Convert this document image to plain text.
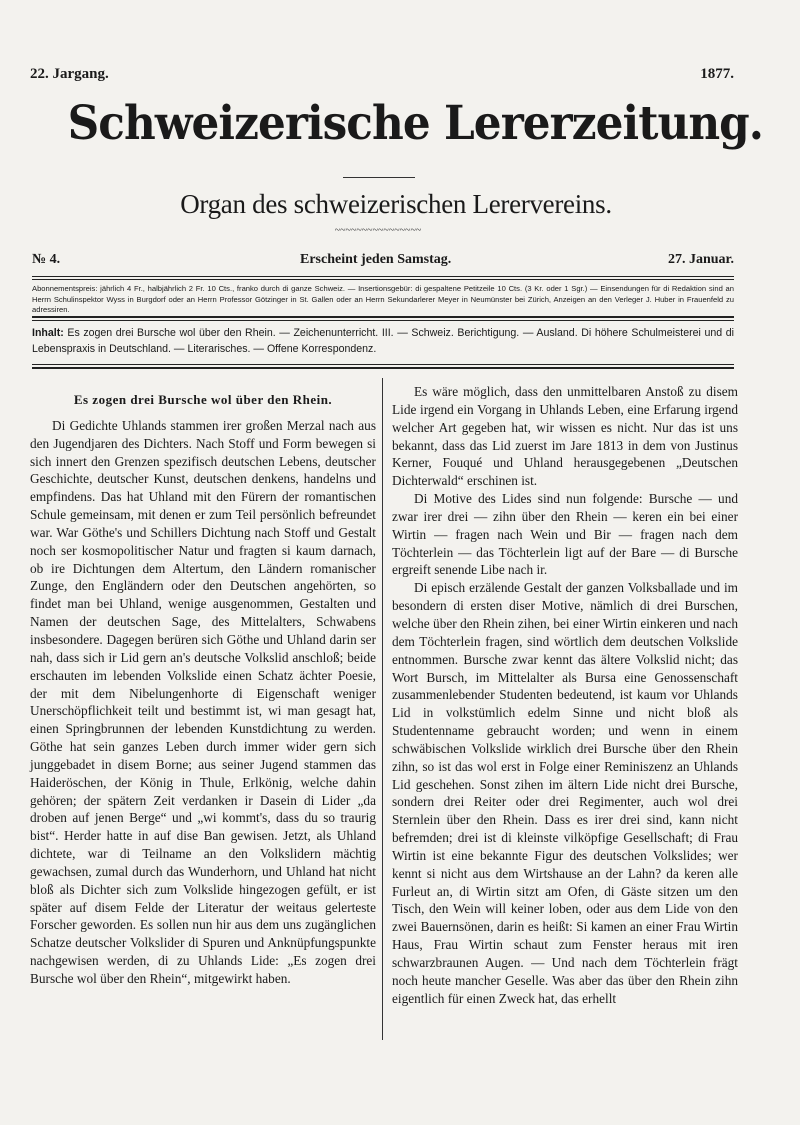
22. Jargang.	1877.
Schweizerische Lererzeitung.
Organ des schweizerischen Lerervereins.
~~~~~~~~~~~~~~~~
№ 4.	Erscheint jeden Samstag.	27. Januar.
Abonnementspreis: jährlich 4 Fr., halbjährlich 2 Fr. 10 Cts., franko durch di ganze Schweiz. — Insertionsgebür: di gespaltene Petitzeile 10 Cts. (3 Kr. oder 1 Sgr.) — Einsendungen für di Redaktion sind an Herrn Schulinspektor Wyss in Burgdorf oder an Herrn Professor Götzinger in St. Gallen oder an Herrn Sekundarlerer Meyer in Neumünster bei Zürich, Anzeigen an den Verleger J. Huber in Frauenfeld zu adressiren.
Inhalt: Es zogen drei Bursche wol über den Rhein. — Zeichenunterricht. III. — Schweiz. Berichtigung. — Ausland. Di höhere Schulmeisterei und di Lebenspraxis in Deutschland. — Literarisches. — Offene Korrespondenz.

Es zogen drei Bursche wol über den Rhein.

Di Gedichte Uhlands stammen irer großen Merzal nach aus den Jugendjaren des Dichters. Nach Stoff und Form bewegen si sich innert den Grenzen spezifisch deutschen Lebens, deutscher Geschichte, deutscher Kunst, deutschen denkens, handelns und empfindens. Das hat Uhland mit den Fürern der romantischen Schule gemeinsam, mit denen er zum Teil persönlich befreundet war. War Göthe's und Schillers Dichtung nach Stoff und Gestalt noch ser kosmopolitischer Natur und fragten si kaum darnach, ob ire Dichtungen dem Altertum, den Ländern romanischer Zunge, den Engländern oder den Deutschen angehörten, so findet man bei Uhland, wenige ausgenommen, Gestalten und Namen der deutschen Sage, des Mittelalters, Schwabens insbesondere. Dagegen berüren sich Göthe und Uhland darin ser nah, dass sich ir Lid gern an's deutsche Volkslid anschloß; beide erschauten im lebenden Volkslide einen Schatz ächter Poesie, der mit dem Nibelungenhorte di Eigenschaft weniger Unerschöpflichkeit teilt und bestimmt ist, wi man gesagt hat, einen Springbrunnen der lebenden Kunstdichtung zu werden. Göthe hat sein ganzes Leben durch immer wider gern sich junggebadet in disem Borne; aus seiner Jugend stammen das Haideröschen, der König in Thule, Erlkönig, welche dahin gehören; der spätern Zeit verdanken ir Dasein di Lider „da droben auf jenen Berge“ und „wi kommt's, dass du so traurig bist“. Herder hatte in auf dise Ban gewisen. Jetzt, als Uhland dichtete, war di Teilname an den Volkslidern mächtig gewachsen, zumal durch das Wunderhorn, und Uhland hat nicht bloß als Dichter sich zum Volkslide hingezogen gefült, er ist später auf disem Felde der Literatur der weitaus gelerteste Forscher geworden. Es sollen nun hir aus dem uns zugänglichen Schatze deutscher Volkslider di Spuren und Anknüpfungspunkte nachgewisen werden, di zu Uhlands Lide: „Es zogen drei Bursche wol über den Rhein“, mitgewirkt haben.

Es wäre möglich, dass den unmittelbaren Anstoß zu disem Lide irgend ein Vorgang in Uhlands Leben, eine Erfarung irgend welcher Art gegeben hat, wir wissen es nicht. Nur das ist uns bekannt, dass das Lid zuerst im Jare 1813 in dem von Justinus Kerner, Fouqué und Uhland herausgegebenen „Deutschen Dichterwald“ erschinen ist.

Di Motive des Lides sind nun folgende: Bursche — und zwar irer drei — zihn über den Rhein — keren ein bei einer Wirtin — fragen nach Wein und Bir — fragen nach dem Töchterlein — das Töchterlein ligt auf der Bare — di Bursche ergreift senende Libe nach ir.

Di episch erzälende Gestalt der ganzen Volksballade und im besondern di ersten diser Motive, nämlich di drei Burschen, welche über den Rhein zihen, bei einer Wirtin einkeren und nach dem Töchterlein fragen, sind wörtlich dem deutschen Volkslide entnommen. Bursche zwar kennt das ältere Volkslid nicht; das Wort Bursch, im Mittelalter als Bursa eine Genossenschaft zusammenlebender Studenten bedeutend, ist kaum vor Uhlands Lid in volkstümlich edelm Sinne und nicht bloß als Studentenname gebraucht worden; und wenn in einem schwäbischen Volkslide wirklich drei Bursche über den Rhein zihn, so ist das wol erst in Folge einer Reminiszenz an Uhlands Lid geschehen. Sonst zihen im ältern Lide nicht drei Bursche, sondern drei Reiter oder drei Regimenter, auch wol drei Sternlein über den Rhein. Dass es irer drei sind, kann nicht befremden; drei ist di kleinste vilköpfige Gesellschaft; di Frau Wirtin ist eine bekannte Figur des deutschen Volkslides; wer kennt si nicht aus dem Wirtshause an der Lahn? da keren alle Furleut an, di Wirtin sitzt am Ofen, di Gäste sitzen um den Tisch, den Wein will keiner loben, oder aus dem Lide von den zwei Bauernsönen, darin es heißt: Si kamen an einer Frau Wirtin Haus, Frau Wirtin schaut zum Fenster heraus mit iren schwarzbraunen Augen. — Und nach dem Töchterlein frägt noch heute mancher Geselle. Was aber das über den Rhein zihn eigentlich für einen Zweck hat, das erhellt
